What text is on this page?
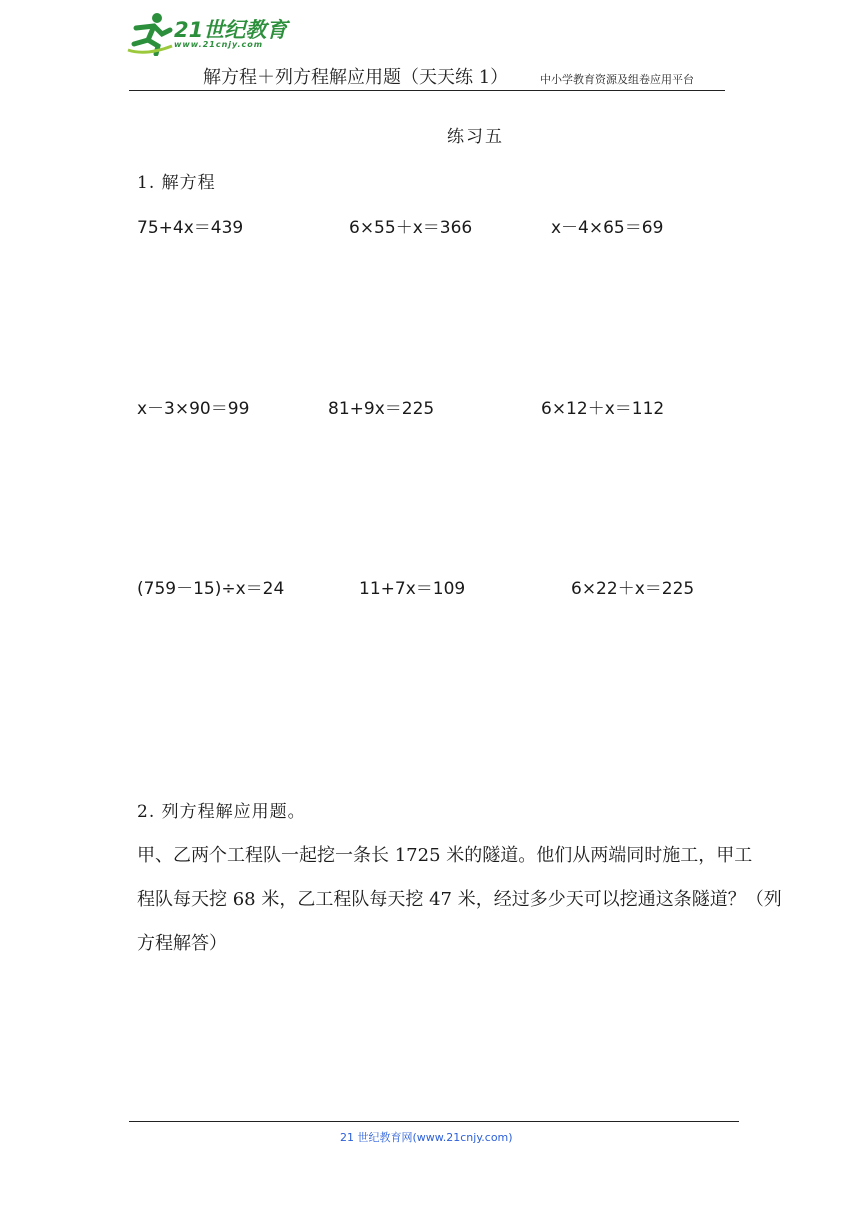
21世纪教育
www.21cnjy.com
解方程＋列方程解应用题（天天练 1）	中小学教育资源及组卷应用平台
练习五
1. 解方程
75+4x＝439	6×55＋x＝366	x－4×65＝69
x－3×90＝99	81+9x＝225	6×12＋x＝112
(759－15)÷x＝24	11+7x＝109	6×22＋x＝225
2. 列方程解应用题。
甲、乙两个工程队一起挖一条长 1725 米的隧道。他们从两端同时施工，甲工
程队每天挖 68 米，乙工程队每天挖 47 米，经过多少天可以挖通这条隧道？（列
方程解答）
21 世纪教育网(www.21cnjy.com)
